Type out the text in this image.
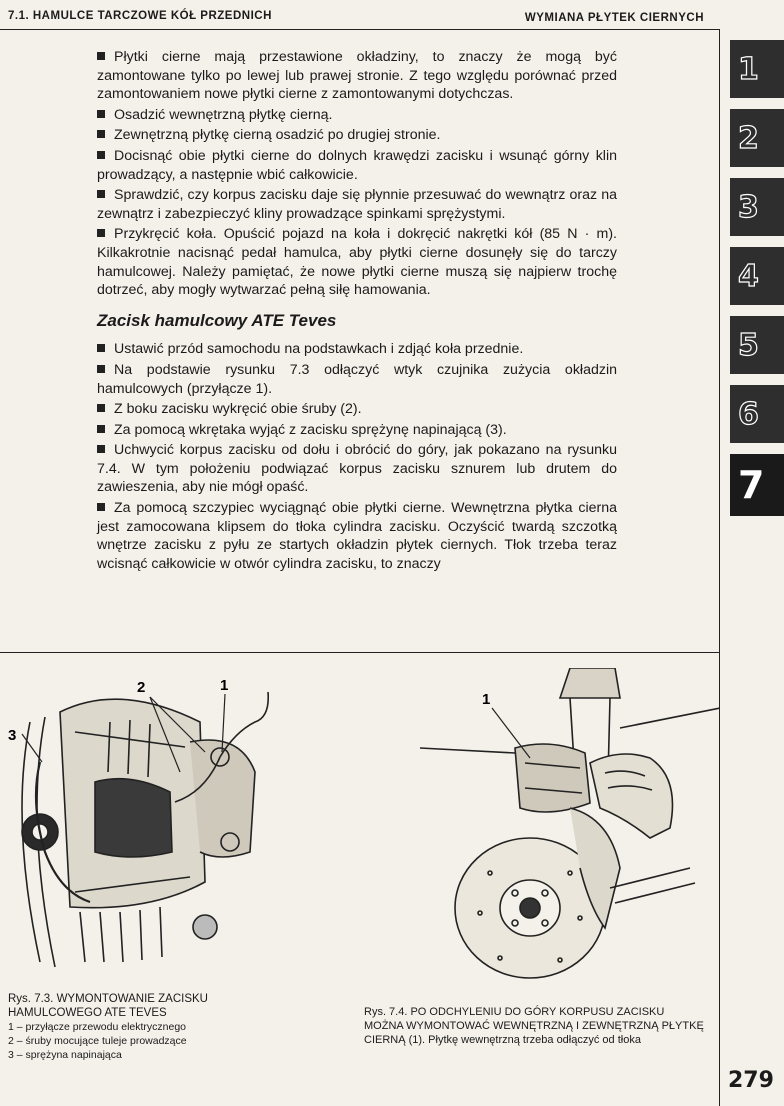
7.1. HAMULCE TARCZOWE KÓŁ PRZEDNICH	WYMIANA PŁYTEK CIERNYCH
1
2
3
4
5
6
7

Płytki cierne mają przestawione okładziny, to znaczy że mogą być zamontowane tylko po lewej lub prawej stronie. Z tego względu porównać przed zamontowaniem nowe płytki cierne z zamontowanymi dotychczas.

Osadzić wewnętrzną płytkę cierną.

Zewnętrzną płytkę cierną osadzić po drugiej stronie.

Docisnąć obie płytki cierne do dolnych krawędzi zacisku i wsunąć górny klin prowadzący, a następnie wbić całkowicie.

Sprawdzić, czy korpus zacisku daje się płynnie przesuwać do wewnątrz oraz na zewnątrz i zabezpieczyć kliny prowadzące spinkami sprężystymi.

Przykręcić koła. Opuścić pojazd na koła i dokręcić nakrętki kół (85 N · m). Kilkakrotnie nacisnąć pedał hamulca, aby płytki cierne dosunęły się do tarczy hamulcowej. Należy pamiętać, że nowe płytki cierne muszą się najpierw trochę dotrzeć, aby mogły wytwarzać pełną siłę hamowania.

Zacisk hamulcowy ATE Teves

Ustawić przód samochodu na podstawkach i zdjąć koła przednie.

Na podstawie rysunku 7.3 odłączyć wtyk czujnika zużycia okładzin hamulcowych (przyłącze 1).

Z boku zacisku wykręcić obie śruby (2).

Za pomocą wkrętaka wyjąć z zacisku sprężynę napinającą (3).

Uchwycić korpus zacisku od dołu i obrócić do góry, jak pokazano na rysunku 7.4. W tym położeniu podwiązać korpus zacisku sznurem lub drutem do zawieszenia, aby nie mógł opaść.

Za pomocą szczypiec wyciągnąć obie płytki cierne. Wewnętrzna płytka cierna jest zamocowana klipsem do tłoka cylindra zacisku. Oczyścić twardą szczotką wnętrze zacisku z pyłu ze startych okładzin płytek ciernych. Tłok trzeba teraz wcisnąć całkowicie w otwór cylindra zacisku, to znaczy

2	1
3
1
Rys. 7.3. WYMONTOWANIE ZACISKU HAMULCOWEGO ATE TEVES
1 – przyłącze przewodu elektrycznego
2 – śruby mocujące tuleje prowadzące
3 – sprężyna napinająca
Rys. 7.4. PO ODCHYLENIU DO GÓRY KORPUSU ZACISKU MOŻNA WYMONTOWAĆ WEWNĘTRZNĄ I ZEWNĘTRZNĄ PŁYTKĘ CIERNĄ (1). Płytkę wewnętrzną trzeba odłączyć od tłoka
279
